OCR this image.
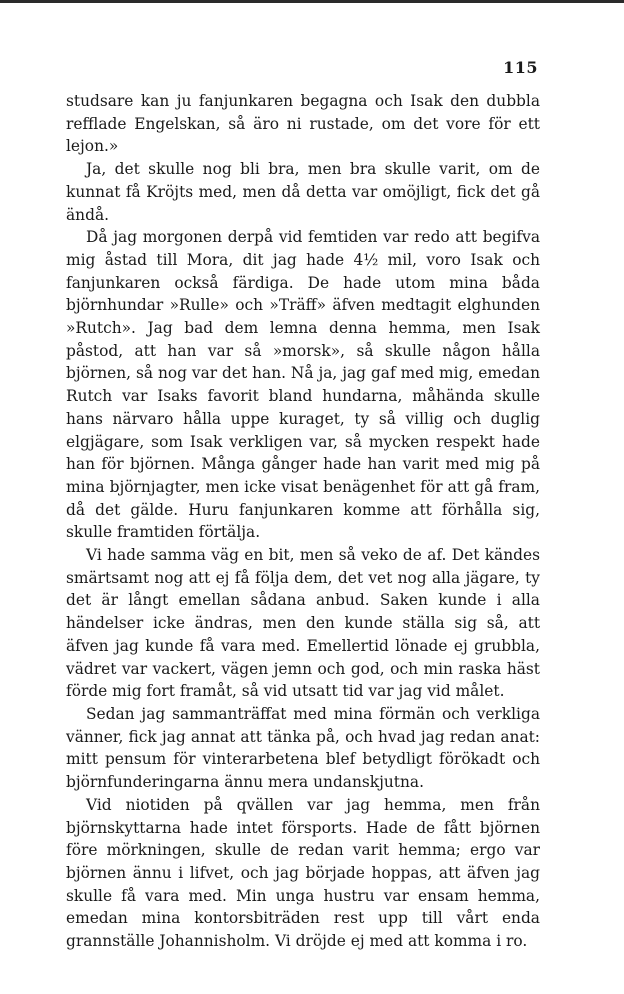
115

studsare kan ju fanjunkaren begagna och Isak den dubbla refflade Engelskan, så äro ni rustade, om det vore för ett lejon.»

Ja, det skulle nog bli bra, men bra skulle varit, om de kunnat få Kröjts med, men då detta var omöjligt, fick det gå ändå.

Då jag morgonen derpå vid femtiden var redo att begifva mig åstad till Mora, dit jag hade 4½ mil, voro Isak och fanjunkaren också färdiga. De hade utom mina båda björnhundar »Rulle» och »Träff» äfven medtagit elghunden »Rutch». Jag bad dem lemna denna hemma, men Isak påstod, att han var så »morsk», så skulle någon hålla björnen, så nog var det han. Nå ja, jag gaf med mig, emedan Rutch var Isaks favorit bland hundarna, måhända skulle hans närvaro hålla uppe kuraget, ty så villig och duglig elgjägare, som Isak verkligen var, så mycken respekt hade han för björnen. Många gånger hade han varit med mig på mina björnjagter, men icke visat benägenhet för att gå fram, då det gälde. Huru fanjunkaren komme att förhålla sig, skulle framtiden förtälja.

Vi hade samma väg en bit, men så veko de af. Det kändes smärtsamt nog att ej få följa dem, det vet nog alla jägare, ty det är långt emellan sådana anbud. Saken kunde i alla händelser icke ändras, men den kunde ställa sig så, att äfven jag kunde få vara med. Emellertid lönade ej grubbla, vädret var vackert, vägen jemn och god, och min raska häst förde mig fort framåt, så vid utsatt tid var jag vid målet.

Sedan jag sammanträffat med mina förmän och verkliga vänner, fick jag annat att tänka på, och hvad jag redan anat: mitt pensum för vinterarbetena blef betydligt förökadt och björnfunderingarna ännu mera undanskjutna.

Vid niotiden på qvällen var jag hemma, men från björnskyttarna hade intet försports. Hade de fått björnen före mörkningen, skulle de redan varit hemma; ergo var björnen ännu i lifvet, och jag började hoppas, att äfven jag skulle få vara med. Min unga hustru var ensam hemma, emedan mina kontorsbiträden rest upp till vårt enda grannställe Johannisholm. Vi dröjde ej med att komma i ro.
